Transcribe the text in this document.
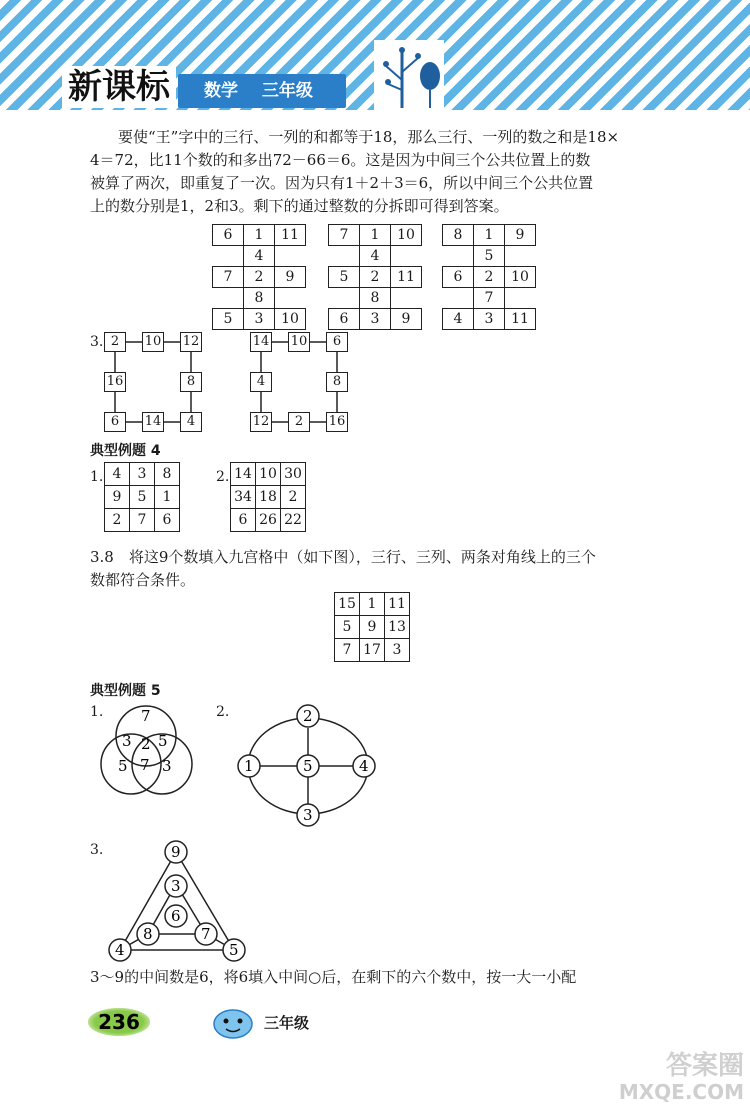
新课标	数学 三年级

要使“王”字中的三行、一列的和都等于18，那么三行、一列的数之和是18×

4＝72，比11个数的和多出72－66＝6。这是因为中间三个公共位置上的数

被算了两次，即重复了一次。因为只有1＋2＋3＝6，所以中间三个公共位置

上的数分别是1，2和3。剩下的通过整数的分拆即可得到答案。

6	1	11
	4	
7	2	9
	8	
5	3	10
7	1	10
	4	
5	2	11
	8	
6	3	9
8	1	9
	5	
6	2	10
	7	
4	3	11
3. 2	10 12
16	8
6	14	4
14 10	6
4	8
12	2	16
典型例题 4
1. 4	3	8
9	5	1
2	7	6
2. 14	10	30
34	18	2
6	26	22

3.8　将这9个数填入九宫格中（如下图），三行、三列、两条对角线上的三个

数都符合条件。

15	1	11
5	9	13
7	17	3
典型例题 5
1.	7
3 2 5
5 7 3
2.	2
1	5	4
3
3.	9
3
6
8	7
4	5

3～9的中间数是6，将6填入中间○后，在剩下的六个数中，按一大一小配

236	三年级
答案圈
MXQE.COM
